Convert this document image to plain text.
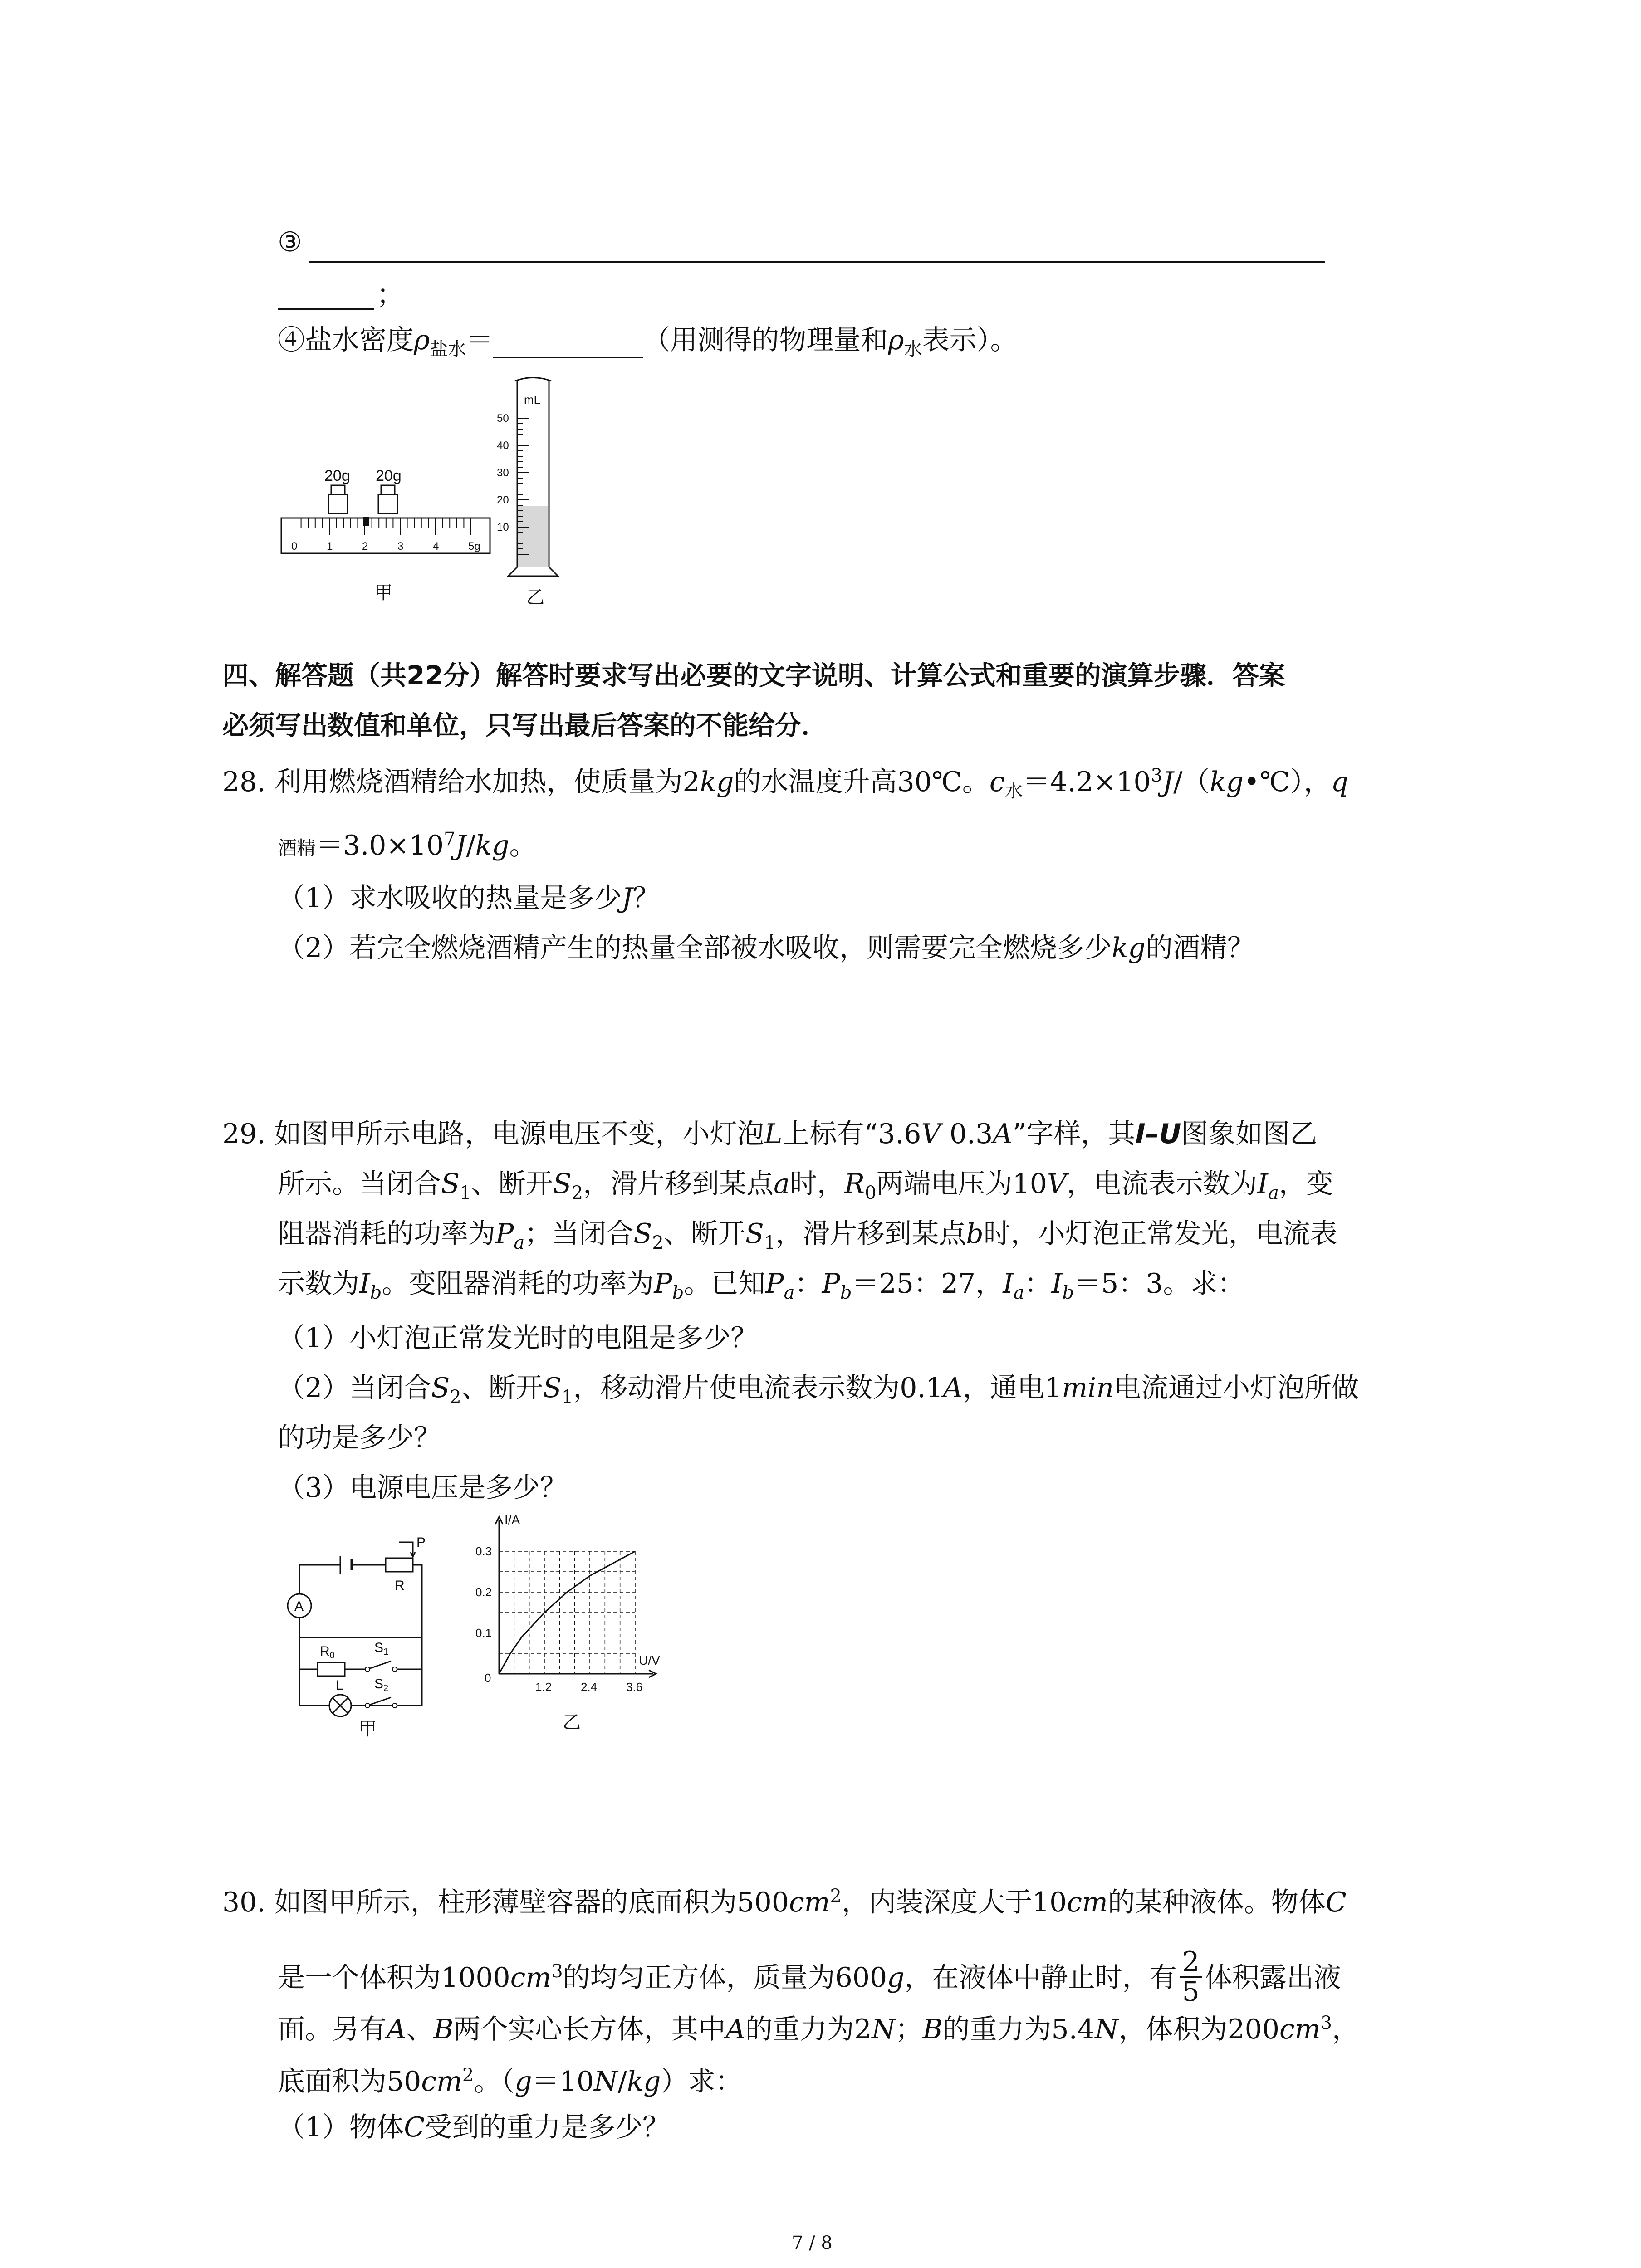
③
；
④盐水密度$\rho_{盐水}=$	（用测得的物理量和$\rho_水$表示）。
20g 20g
0	1	2	3	4	5g
甲
mL
50
40
30
20
10
乙
四、解答题（共22分）解答时要求写出必要的文字说明、计算公式和重要的演算步骤．答案
必须写出数值和单位，只写出最后答案的不能给分．
28. 利用燃烧酒精给水加热，使质量为2kg的水温度升高30℃。$c_水=4.2\times 10^3J/(kg•℃)$，q
酒精$=3.0\times 10^7J/kg$。
（1）求水吸收的热量是多少J？
（2）若完全燃烧酒精产生的热量全部被水吸收，则需要完全燃烧多少kg的酒精？
29. 如图甲所示电路，电源电压不变，小灯泡L上标有“3.6V 0.3A”字样，其I–U图象如图乙
所示。当闭合$S_1$、断开$S_2$，滑片移到某点a时，$R_0$两端电压为10V，电流表示数为$I_a$，变
阻器消耗的功率为$P_a$；当闭合$S_2$、断开$S_1$，滑片移到某点b时，小灯泡正常发光，电流表
示数为$I_b$。变阻器消耗的功率为$P_b$。已知$P_a$：$P_b=25$：27，$I_a$：$I_b=5$：3。求：
（1）小灯泡正常发光时的电阻是多少？
（2）当闭合$S_2$、断开$S_1$，移动滑片使电流表示数为0.1A，通电1min电流通过小灯泡所做
的功是多少？
（3）电源电压是多少？
P
R
A
$R_0$
$S_1$
L $S_2$
甲
I/A
U/V
0
0.3
0.2
0.1
1.2 2.4 3.6
乙
30. 如图甲所示，柱形薄壁容器的底面积为$500cm^2$，内装深度大于10cm的某种液体。物体C
是一个体积为$1000cm^3$的均匀正方体，质量为600g，在液体中静止时，有 $\frac{2}{5}$ 体积露出液
面。另有A、B两个实心长方体，其中A的重力为2N；B的重力为5.4N，体积为$200cm^3$，
底面积为$50cm^2$。（g＝10N/kg）求：
（1）物体C受到的重力是多少？
7 / 8
